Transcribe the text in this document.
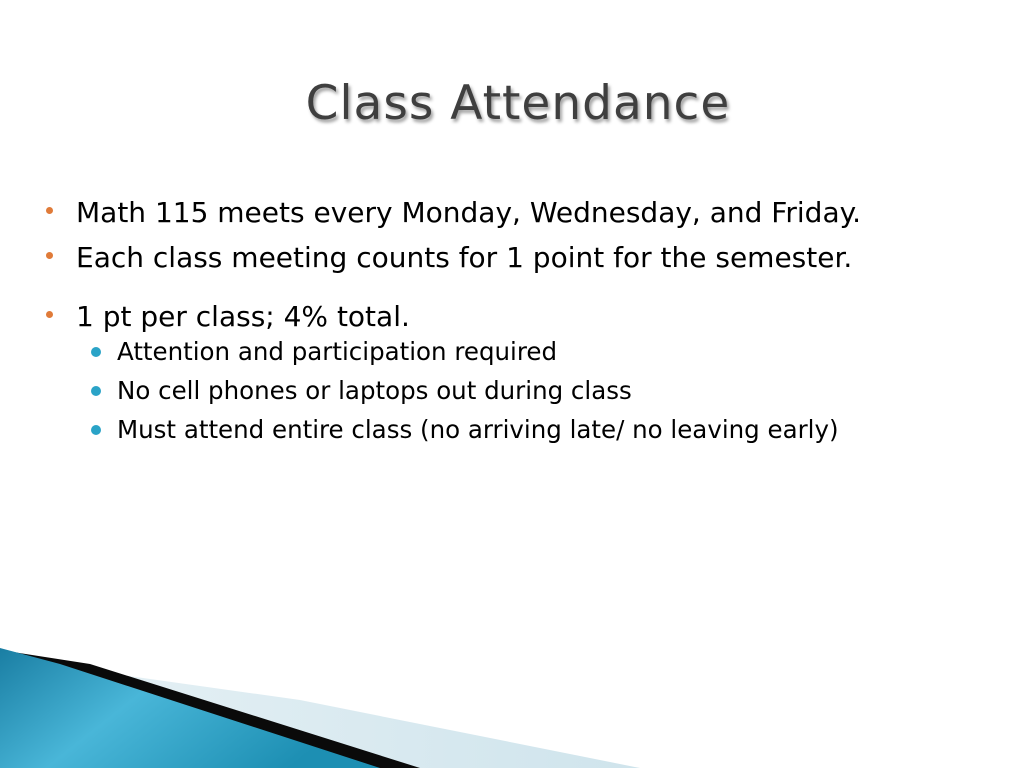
Class Attendance
Math 115 meets every Monday, Wednesday, and Friday.
Each class meeting counts for 1 point for the semester.
1 pt per class; 4% total.
Attention and participation required
No cell phones or laptops out during class
Must attend entire class (no arriving late/ no leaving early)
